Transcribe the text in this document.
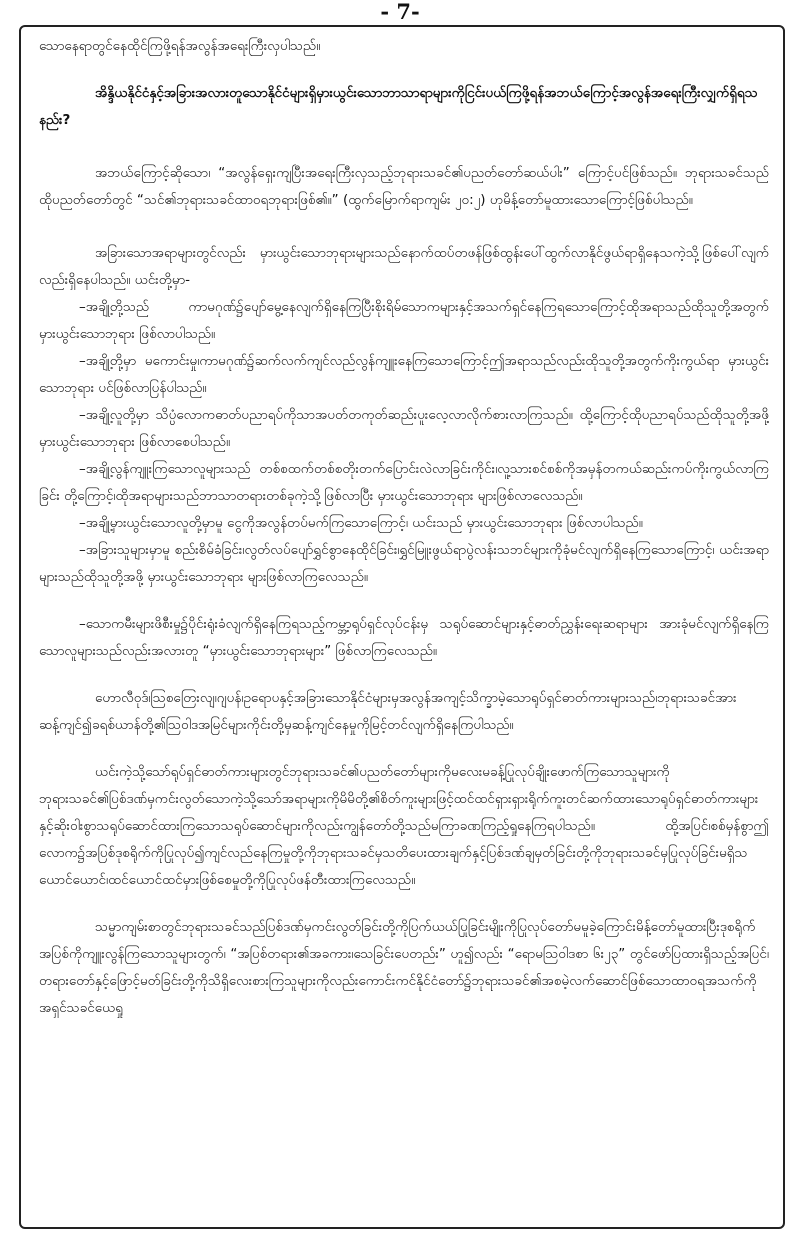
- 7-

သောနေရာတွင်နေထိုင်ကြဖို့ရန်အလွန်အရေးကြီးလှပါသည်။

အိန္ဒိယနိုင်ငံနှင့်အခြားအလားတူသောနိုင်ငံများရှိမှားယွင်းသောဘာသာရာများကိုငြင်းပယ်ကြဖို့ရန်အဘယ်ကြောင့်အလွန်အရေးကြီးလျှက်ရှိရသနည်း?

အဘယ်ကြောင့်ဆိုသော၊ “အလွန်ရှေးကျပြီးအရေးကြီးလှသည့်ဘုရားသခင်၏ပညတ်တော်ဆယ်ပါး” ကြောင့်ပင်ဖြစ်သည်။ ဘုရားသခင်သည်ထိုပညတ်တော်တွင် “သင်၏ဘုရားသခင်ထာဝရဘုရားဖြစ်၏။” (ထွက်မြောက်ရာကျမ်း ၂၀:၂) ဟုမိန့်တော်မူထားသောကြောင့်ဖြစ်ပါသည်။

အခြားသောအရာများတွင်လည်း မှားယွင်းသောဘုရားများသည်နောက်ထပ်တဖန်ဖြစ်ထွန်းပေါ်ထွက်လာနိုင်ဖွယ်ရာရှိနေသကဲ့သို့ဖြစ်ပေါ်လျက်လည်းရှိနေပါသည်။ ယင်းတို့မှာ-

–အချို့တို့သည် ကာမဂုဏ်၌ပျော်မွေ့နေလျက်ရှိနေကြပြီးစိုးရိမ်သောကများနှင့်အသက်ရှင်နေကြရသောကြောင့်ထိုအရာသည်ထိုသူတို့အတွက် မှားယွင်းသောဘုရား ဖြစ်လာပါသည်။

–အချို့တို့မှာ မကောင်းမှု၊ကာမဂုဏ်၌ဆက်လက်ကျင်လည်လွန်ကျူးနေကြသောကြောင့်ဤအရာသည်လည်းထိုသူတို့အတွက်ကိုးကွယ်ရာ မှားယွင်းသောဘုရား ပင်ဖြစ်လာပြန်ပါသည်။

–အချို့လူတို့မှာ သိပ္ပံလောကဓာတ်ပညာရပ်ကိုသာအပတ်တကုတ်ဆည်းပူးလေ့လာလိုက်စားလာကြသည်။ ထို့ကြောင့်ထိုပညာရပ်သည်ထိုသူတို့အဖို့ မှားယွင်းသောဘုရား ဖြစ်လာစေပါသည်။

–အချို့လွန်ကျူးကြသောလူများသည် တစ်စထက်တစ်စတိုးတက်ပြောင်းလဲလာခြင်းကိုင်း၊လူ့သားစင်စစ်ကိုအမှန်တကယ်ဆည်းကပ်ကိုးကွယ်လာကြခြင်း တို့ကြောင့်၊ထိုအရာများသည်ဘာသာတရားတစ်ခုကဲ့သို့ဖြစ်လာပြီး မှားယွင်းသောဘုရား များဖြစ်လာလေသည်။

–အချို့မှားယွင်းသောလူတို့မှာမူ ငွေကိုအလွန်တပ်မက်ကြသောကြောင့်၊ ယင်းသည် မှားယွင်းသောဘုရား ဖြစ်လာပါသည်။

–အခြားသူများမှာမူ စည်းစိမ်ခံခြင်း၊လွတ်လပ်ပျော်ရွှင်စွာနေထိုင်ခြင်း၊ရွှင်မြူးဖွယ်ရာပွဲလန်းသဘင်များကိုခုံမင်လျက်ရှိနေကြသောကြောင့်၊ ယင်းအရာများသည်ထိုသူတို့အဖို့ မှားယွင်းသောဘုရား များဖြစ်လာကြလေသည်။

–သောကမီးများဖိစီးမှု၌ပိုင်းရုံးခံလျက်ရှိနေကြရသည့်ကမ္ဘာ့ရုပ်ရှင်လုပ်ငန်းမှ သရုပ်ဆောင်များနှင့်ဓာတ်ညွှန်းရေးဆရာများ အားခုံမင်လျက်ရှိနေကြသောလူများသည်လည်းအလားတူ “မှားယွင်းသောဘုရားများ” ဖြစ်လာကြလေသည်။

ဟောလီဝုဒ်၊ဩစတြေးလျ၊ဂျပန်၊ဥရောပနှင့်အခြားသောနိုင်ငံများမှအလွန်အကျင့်သိက္ခာမဲ့သောရုပ်ရှင်ဓာတ်ကားများသည်၊ဘုရားသခင်အားဆန့်ကျင်၍ခရစ်ယာန်တို့၏ဩဝါဒအမြင်များကိုင်းတို့မှဆန့်ကျင်နေမှုကိုမြင့်တင်လျက်ရှိနေကြပါသည်။

ယင်းကဲ့သို့သော်ရုပ်ရှင်ဓာတ်ကားများတွင်ဘုရားသခင်၏ပညတ်တော်များကိုမလေးမခန့်ပြုလုပ်ချိုးဖောက်ကြသောသူများကိုဘုရားသခင်၏ပြစ်ဒဏ်မှကင်းလွတ်သောကဲ့သို့သော်အရာများကိုမိမိတို့၏စိတ်ကူးများဖြင့်ထင်ထင်ရှားရှားရိုက်ကူးတင်ဆက်ထားသောရုပ်ရှင်ဓာတ်ကားများနှင့်ဆိုးဝါးစွာသရုပ်ဆောင်ထားကြသောသရုပ်ဆောင်များကိုလည်းကျွန်တော်တို့သည်မကြာခဏကြည့်ရှုနေကြရပါသည်။ ထို့အပြင်၊စစ်မှန်စွာဤလောက၌အပြစ်ဒုစရိုက်ကိုပြုလုပ်၍ကျင်လည်နေကြမှုတို့ကိုဘုရားသခင်မှသတိပေးထားချက်နှင့်ပြစ်ဒဏ်ချမှတ်ခြင်းတို့ကိုဘုရားသခင်မှပြုလုပ်ခြင်းမရှိသယောင်ယောင်၊ထင်ယောင်ထင်မှားဖြစ်စေမှုတို့ကိုပြုလုပ်ဖန်တီးထားကြလေသည်။

သမ္မာကျမ်းစာတွင်ဘုရားသခင်သည်ပြစ်ဒဏ်မှကင်းလွတ်ခြင်းတို့ကိုပြက်ယယ်ပြုခြင်းမျိုးကိုပြုလုပ်တော်မမူခဲ့ကြောင်းမိန့်တော်မူထားပြီးဒုစရိုက်အပြစ်ကိုကျူးလွန်ကြသောသူများတွက်၊ “အပြစ်တရား၏အခကား၊သေခြင်းပေတည်း” ဟူ၍လည်း “ရောမဩဝါဒစာ ၆း၂၃” တွင်ဖော်ပြထားရှိသည့်အပြင်၊တရားတော်နှင့်ဖြောင့်မတ်ခြင်းတို့ကိုသိရှိလေးစားကြသူများကိုလည်းကောင်းကင်နိုင်ငံတော်၌ဘုရားသခင်၏အစမဲ့လက်ဆောင်ဖြစ်သောထာဝရအသက်ကိုအရှင်သခင်ယေရှု
